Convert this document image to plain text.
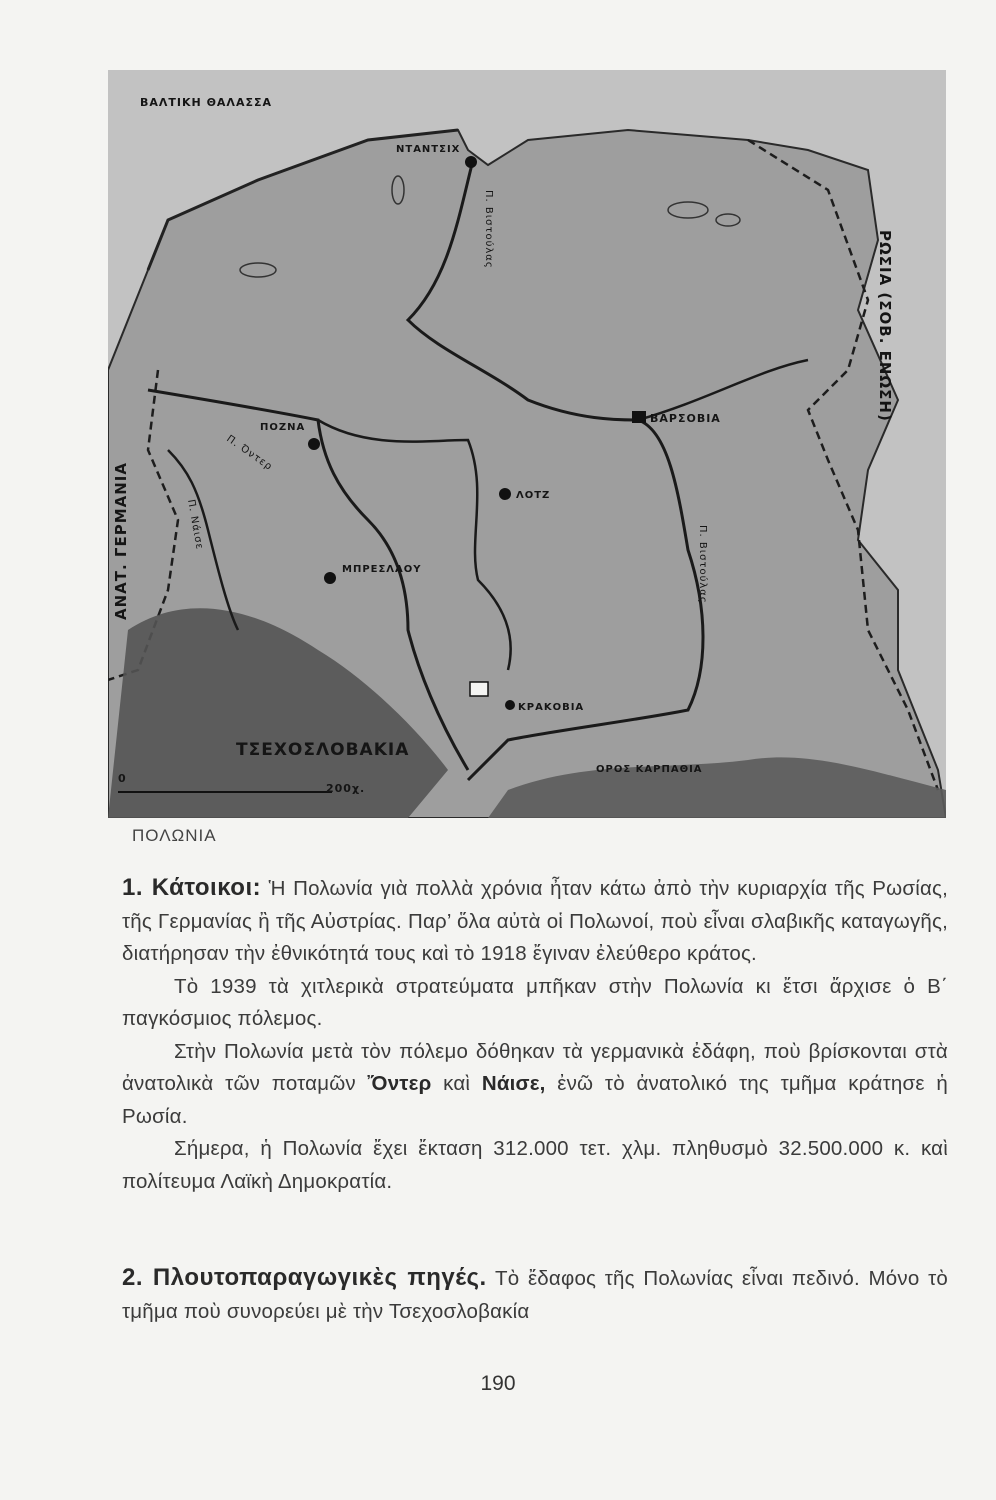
ΒΑΛΤΙΚΗ ΘΑΛΑΣΣΑ
ΝΤΑΝΤΣΙΧ
ΒΑΡΣΟΒΙΑ
ΠΟΖΝΑ
ΛΟΤΖ
ΜΠΡΕΣΛΑΟΥ
ΚΡΑΚΟΒΙΑ
ΤΣΕΧΟΣΛΟΒΑΚΙΑ
ΟΡΟΣ ΚΑΡΠΑΘΙΑ
Π. Βιστούλας
Π. Βιστούλας
Π. Όντερ
Π. Νάισε
ΡΩΣΙΑ (ΣΟΒ. ΕΝΩΣΗ)
ΑΝΑΤ. ΓΕΡΜΑΝΙΑ
0
200χ.
ΠΟΛΩΝΙΑ

1. Κάτοικοι: Ἡ Πολωνία γιὰ πολλὰ χρόνια ἦταν κάτω ἀπὸ τὴν κυριαρχία τῆς Ρωσίας, τῆς Γερμανίας ἢ τῆς Αὐστρίας. Παρ’ ὅλα αὐτὰ οἱ Πολωνοί, ποὺ εἶναι σλαβικῆς καταγωγῆς, διατήρησαν τὴν ἐθνικότητά τους καὶ τὸ 1918 ἔγιναν ἐλεύθερο κράτος.

Τὸ 1939 τὰ χιτλερικὰ στρατεύματα μπῆκαν στὴν Πολωνία κι ἔτσι ἄρχισε ὁ Β΄ παγκόσμιος πόλεμος.

Στὴν Πολωνία μετὰ τὸν πόλεμο δόθηκαν τὰ γερμανικὰ ἐδάφη, ποὺ βρίσκονται στὰ ἀνατολικὰ τῶν ποταμῶν Ὄντερ καὶ Νάισε, ἐνῶ τὸ ἀνατολικό της τμῆμα κράτησε ἡ Ρωσία.

Σήμερα, ἡ Πολωνία ἔχει ἔκταση 312.000 τετ. χλμ. πληθυσμὸ 32.500.000 κ. καὶ πολίτευμα Λαϊκὴ Δημοκρατία.

2. Πλουτοπαραγωγικὲς πηγές. Τὸ ἔδαφος τῆς Πολωνίας εἶναι πεδινό. Μόνο τὸ τμῆμα ποὺ συνορεύει μὲ τὴν Τσεχοσλοβακία

190
